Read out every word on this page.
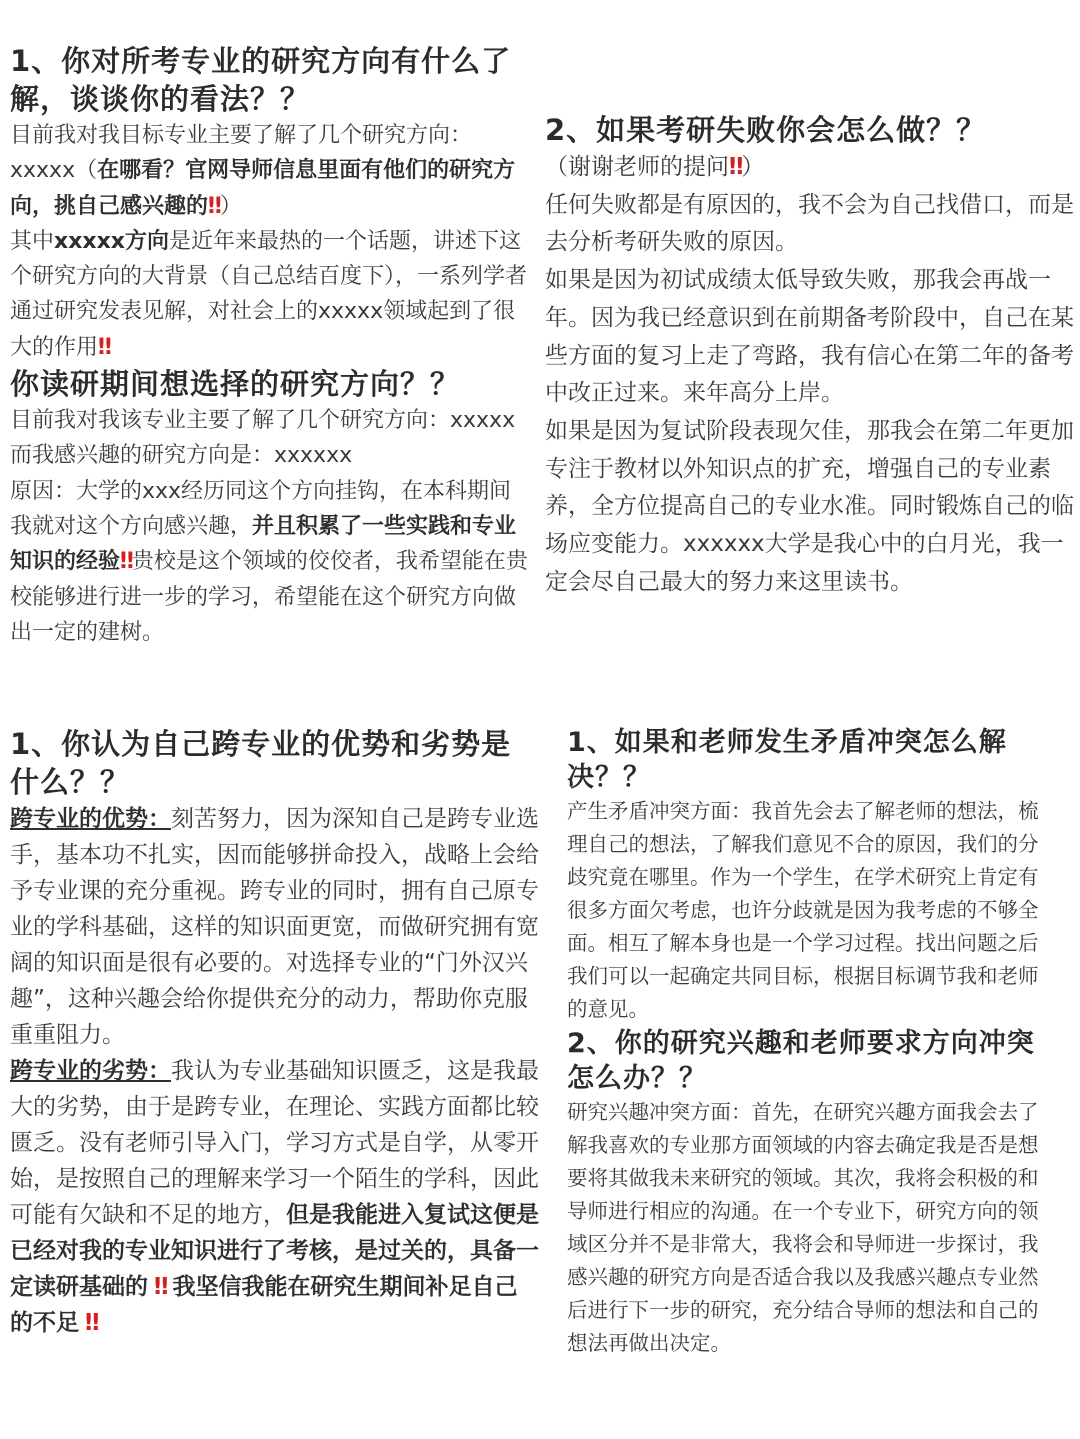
1、你对所考专业的研究方向有什么了解，谈谈你的看法？？

目前我对我目标专业主要了解了几个研究方向：xxxxx（在哪看？官网导师信息里面有他们的研究方向，挑自己感兴趣的‼）

其中xxxxx方向是近年来最热的一个话题，讲述下这个研究方向的大背景（自己总结百度下），一系列学者通过研究发表见解，对社会上的xxxxx领域起到了很大的作用‼

你读研期间想选择的研究方向？？

目前我对我该专业主要了解了几个研究方向：xxxxx

而我感兴趣的研究方向是：xxxxxx

原因：大学的xxx经历同这个方向挂钩，在本科期间我就对这个方向感兴趣，并且积累了一些实践和专业知识的经验‼贵校是这个领域的佼佼者，我希望能在贵校能够进行进一步的学习，希望能在这个研究方向做出一定的建树。

2、如果考研失败你会怎么做？？

（谢谢老师的提问‼）

任何失败都是有原因的，我不会为自己找借口，而是去分析考研失败的原因。

如果是因为初试成绩太低导致失败，那我会再战一年。因为我已经意识到在前期备考阶段中，自己在某些方面的复习上走了弯路，我有信心在第二年的备考中改正过来。来年高分上岸。

如果是因为复试阶段表现欠佳，那我会在第二年更加专注于教材以外知识点的扩充，增强自己的专业素养，全方位提高自己的专业水准。同时锻炼自己的临场应变能力。xxxxxx大学是我心中的白月光，我一定会尽自己最大的努力来这里读书。

1、你认为自己跨专业的优势和劣势是什么？？

跨专业的优势：刻苦努力，因为深知自己是跨专业选手，基本功不扎实，因而能够拼命投入，战略上会给予专业课的充分重视。跨专业的同时，拥有自己原专业的学科基础，这样的知识面更宽，而做研究拥有宽阔的知识面是很有必要的。对选择专业的“门外汉兴趣”，这种兴趣会给你提供充分的动力，帮助你克服重重阻力。

跨专业的劣势：我认为专业基础知识匮乏，这是我最大的劣势，由于是跨专业，在理论、实践方面都比较匮乏。没有老师引导入门，学习方式是自学，从零开始，是按照自己的理解来学习一个陌生的学科，因此可能有欠缺和不足的地方，但是我能进入复试这便是已经对我的专业知识进行了考核，是过关的，具备一定读研基础的 ‼ 我坚信我能在研究生期间补足自己的不足 ‼

1、如果和老师发生矛盾冲突怎么解决？？

产生矛盾冲突方面：我首先会去了解老师的想法，梳理自己的想法，了解我们意见不合的原因，我们的分歧究竟在哪里。作为一个学生，在学术研究上肯定有很多方面欠考虑，也许分歧就是因为我考虑的不够全面。相互了解本身也是一个学习过程。找出问题之后我们可以一起确定共同目标，根据目标调节我和老师的意见。

2、你的研究兴趣和老师要求方向冲突怎么办？？

研究兴趣冲突方面：首先，在研究兴趣方面我会去了解我喜欢的专业那方面领域的内容去确定我是否是想要将其做我未来研究的领域。其次，我将会积极的和导师进行相应的沟通。在一个专业下，研究方向的领域区分并不是非常大，我将会和导师进一步探讨，我感兴趣的研究方向是否适合我以及我感兴趣点专业然后进行下一步的研究，充分结合导师的想法和自己的想法再做出决定。
